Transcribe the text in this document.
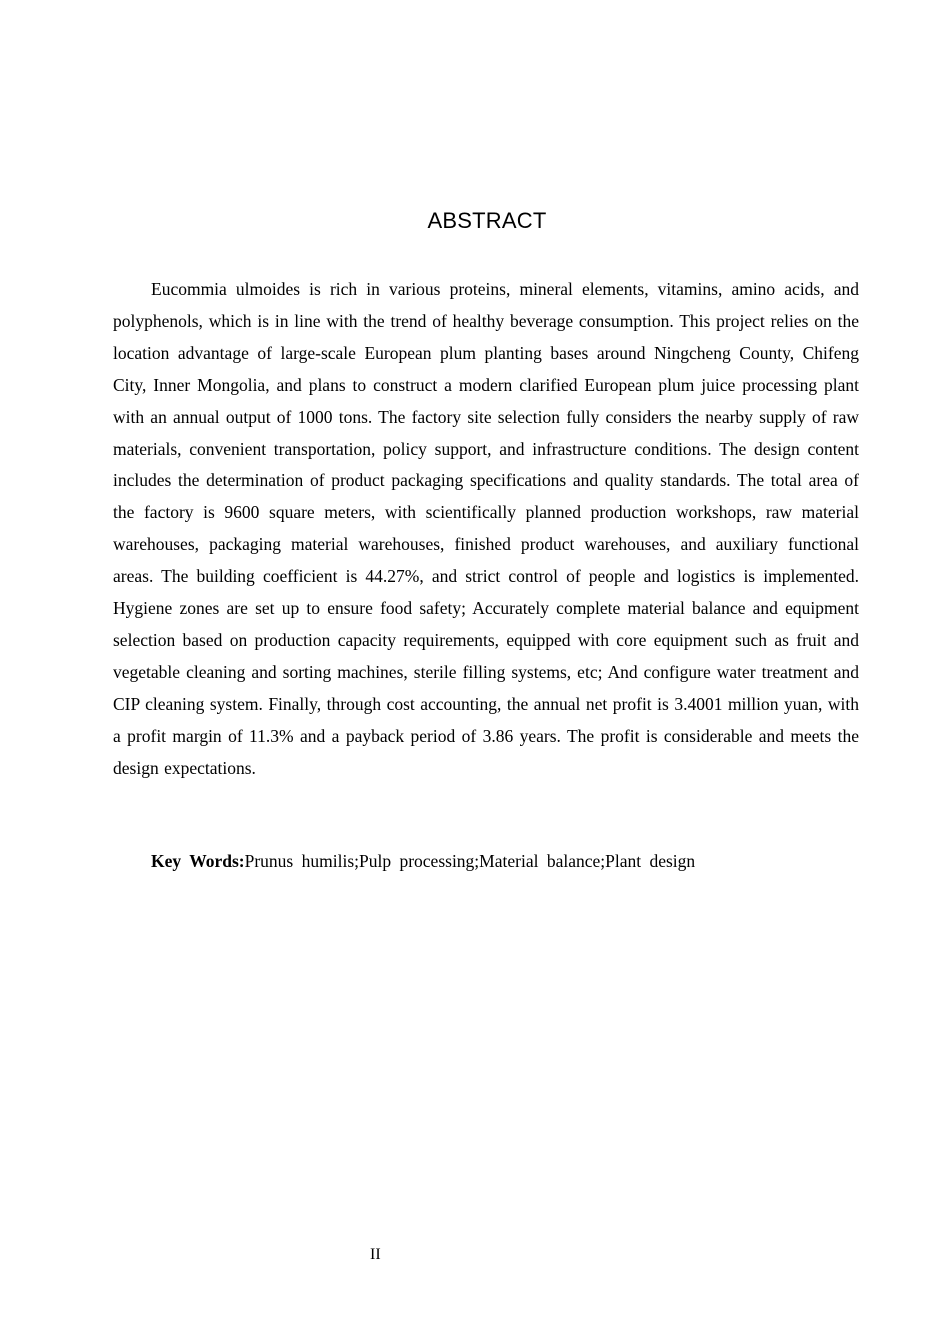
ABSTRACT

Eucommia ulmoides is rich in various proteins, mineral elements, vitamins, amino acids, and polyphenols, which is in line with the trend of healthy beverage consumption. This project relies on the location advantage of large-scale European plum planting bases around Ningcheng County, Chifeng City, Inner Mongolia, and plans to construct a modern clarified European plum juice processing plant with an annual output of 1000 tons. The factory site selection fully considers the nearby supply of raw materials, convenient transportation, policy support, and infrastructure conditions. The design content includes the determination of product packaging specifications and quality standards. The total area of the factory is 9600 square meters, with scientifically planned production workshops, raw material warehouses, packaging material warehouses, finished product warehouses, and auxiliary functional areas. The building coefficient is 44.27%, and strict control of people and logistics is implemented. Hygiene zones are set up to ensure food safety; Accurately complete material balance and equipment selection based on production capacity requirements, equipped with core equipment such as fruit and vegetable cleaning and sorting machines, sterile filling systems, etc; And configure water treatment and CIP cleaning system. Finally, through cost accounting, the annual net profit is 3.4001 million yuan, with a profit margin of 11.3% and a payback period of 3.86 years. The profit is considerable and meets the design expectations.

Key Words:Prunus humilis;Pulp processing;Material balance;Plant design

II
